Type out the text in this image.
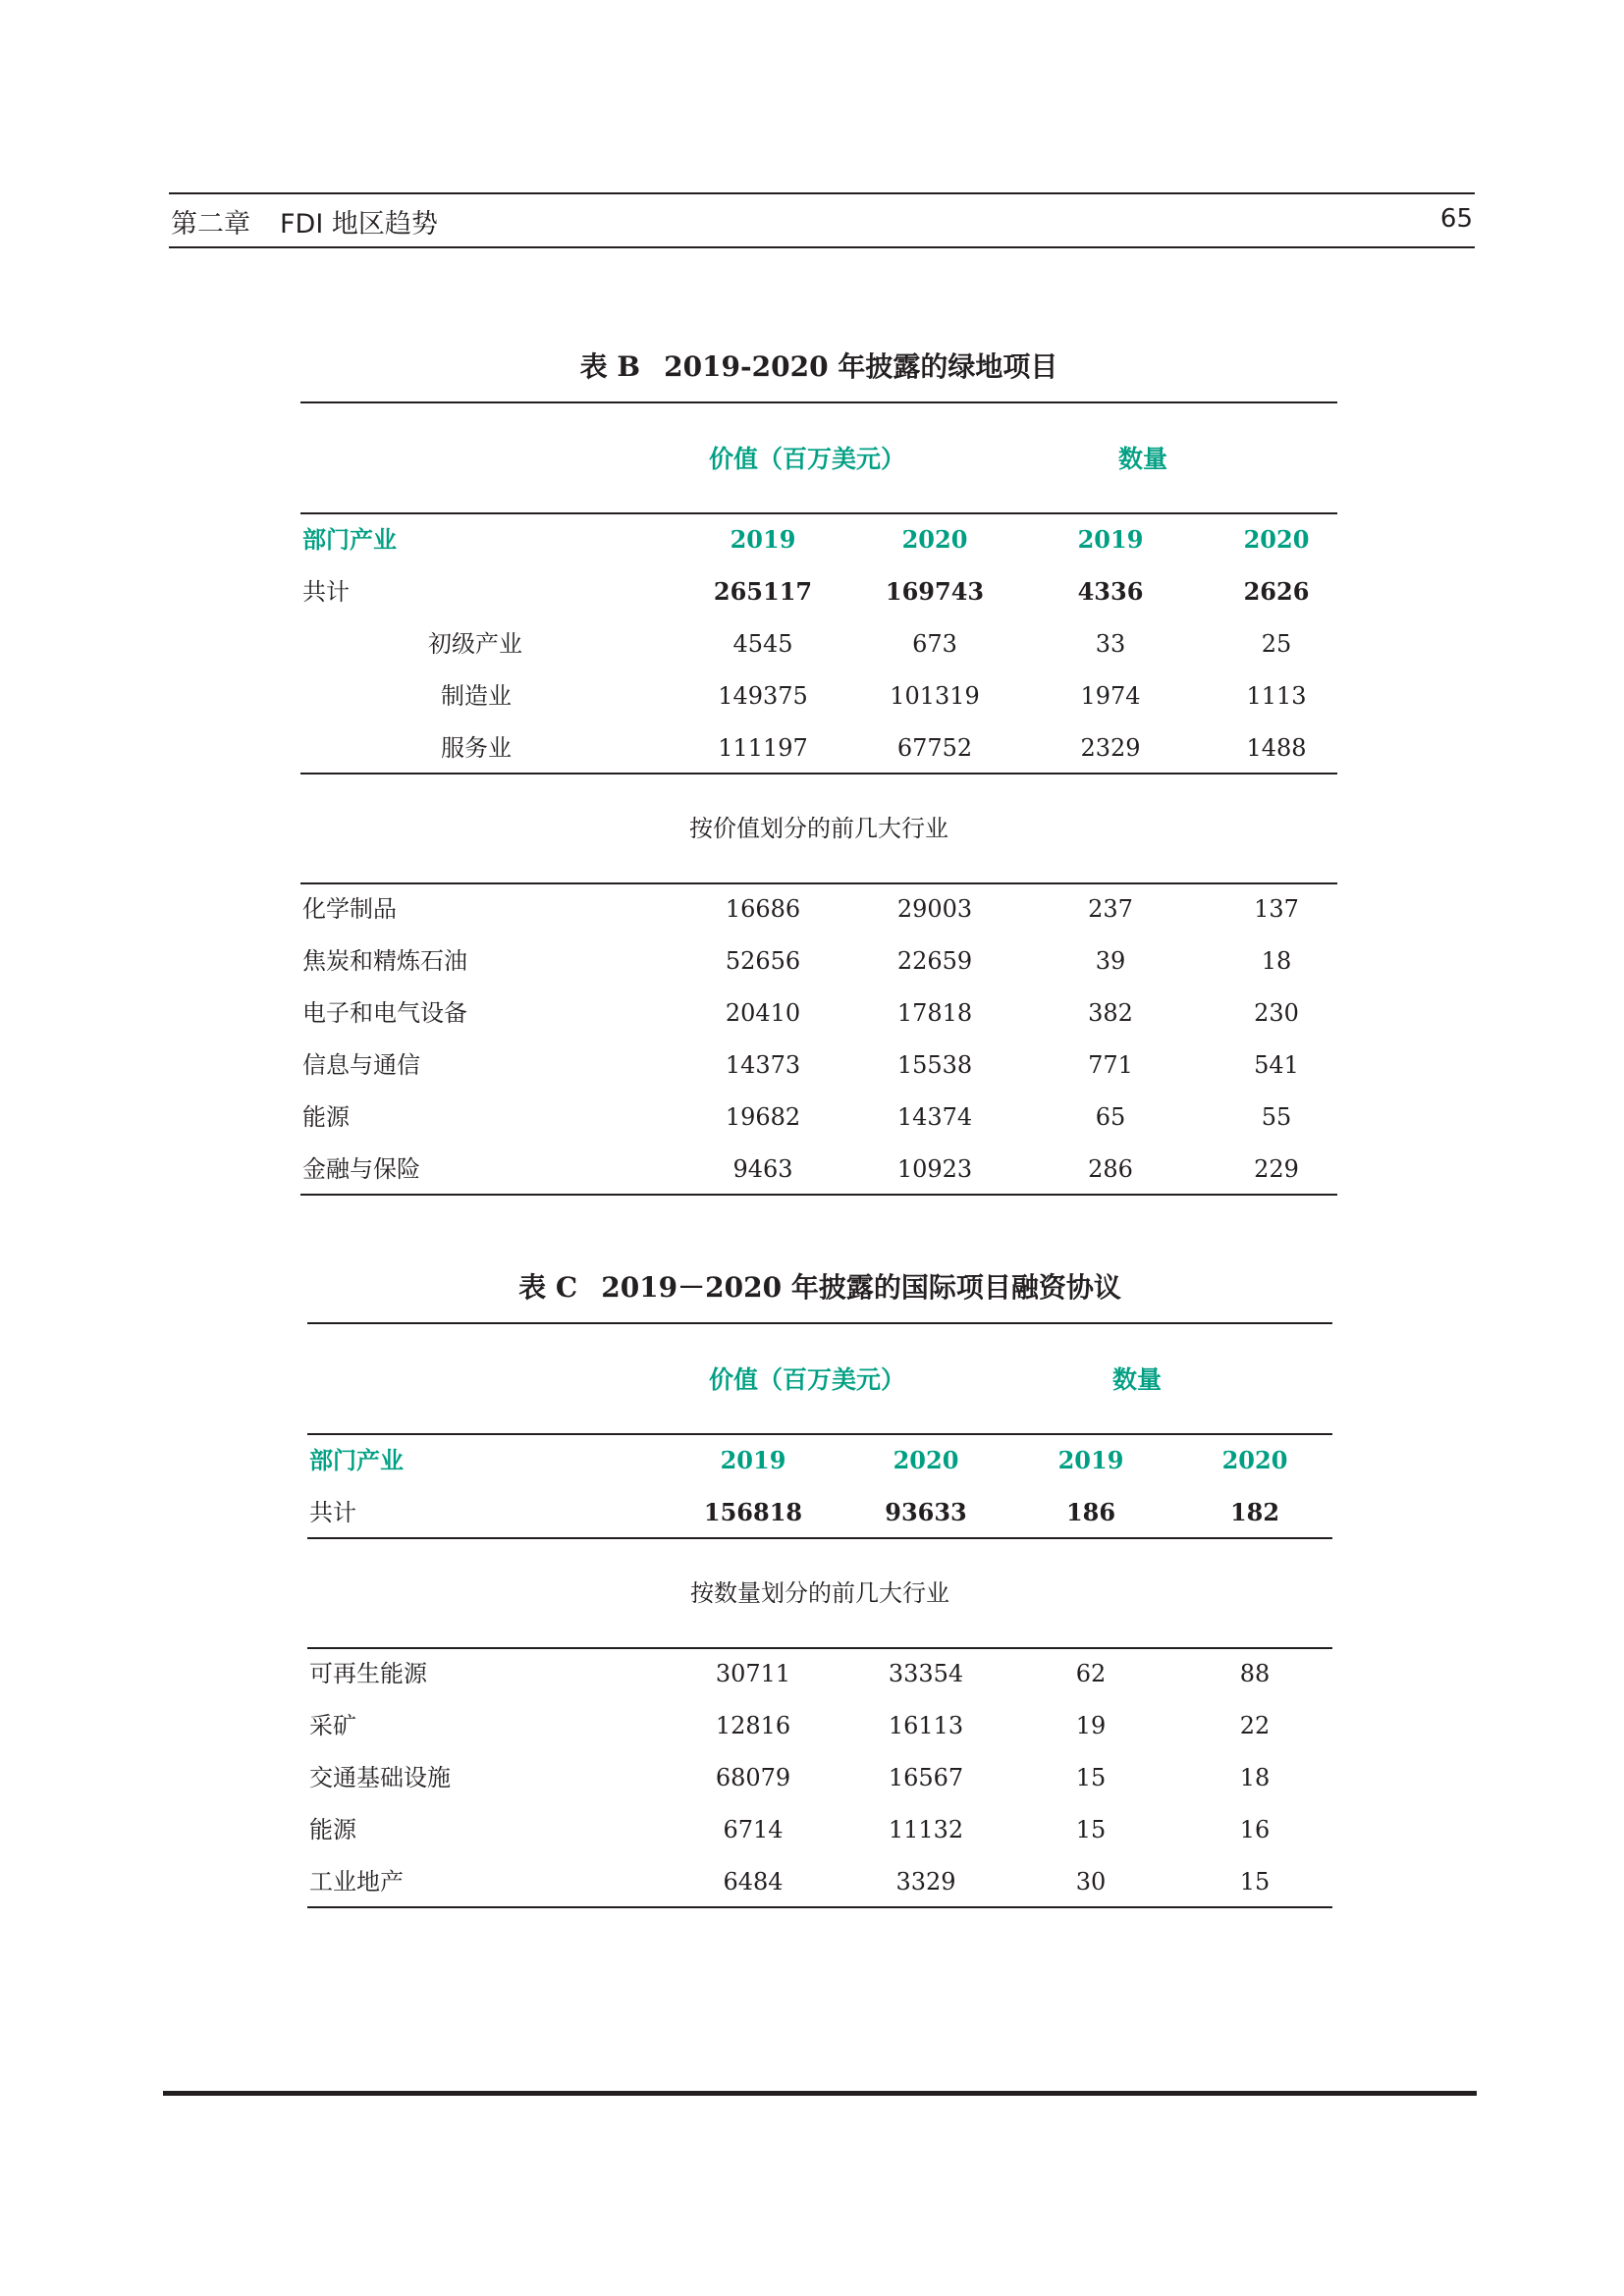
第二章 FDI 地区趋势	65
表 B 2019-2020 年披露的绿地项目
价值（百万美元）	数量
部门产业	2019	2020	2019	2020
共计	265117	169743	4336	2626
初级产业	4545	673	33	25
制造业	149375	101319	1974	1113
服务业	111197	67752	2329	1488
按价值划分的前几大行业
化学制品	16686	29003	237	137
焦炭和精炼石油	52656	22659	39	18
电子和电气设备	20410	17818	382	230
信息与通信	14373	15538	771	541
能源	19682	14374	65	55
金融与保险	9463	10923	286	229
表 C 2019－2020 年披露的国际项目融资协议
价值（百万美元）	数量
部门产业	2019	2020	2019	2020
共计	156818	93633	186	182
按数量划分的前几大行业
可再生能源	30711	33354	62	88
采矿	12816	16113	19	22
交通基础设施	68079	16567	15	18
能源	6714	11132	15	16
工业地产	6484	3329	30	15
